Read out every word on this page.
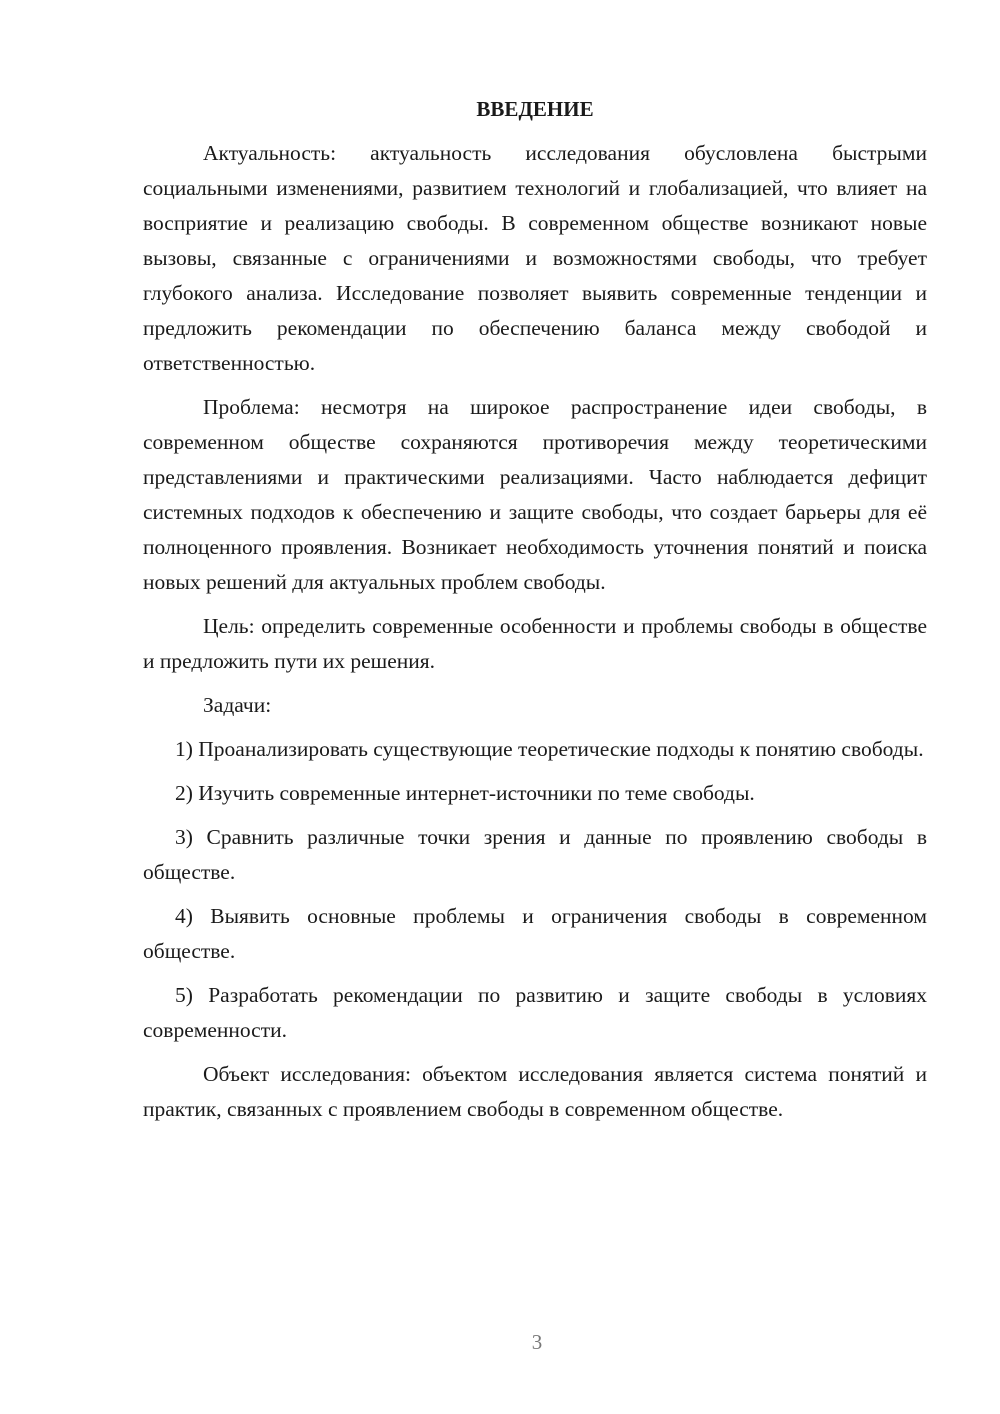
ВВЕДЕНИЕ

Актуальность: актуальность исследования обусловлена быстрыми социальными изменениями, развитием технологий и глобализацией, что влияет на восприятие и реализацию свободы. В современном обществе возникают новые вызовы, связанные с ограничениями и возможностями свободы, что требует глубокого анализа. Исследование позволяет выявить современные тенденции и предложить рекомендации по обеспечению баланса между свободой и ответственностью.

Проблема: несмотря на широкое распространение идеи свободы, в современном обществе сохраняются противоречия между теоретическими представлениями и практическими реализациями. Часто наблюдается дефицит системных подходов к обеспечению и защите свободы, что создает барьеры для её полноценного проявления. Возникает необходимость уточнения понятий и поиска новых решений для актуальных проблем свободы.

Цель: определить современные особенности и проблемы свободы в обществе и предложить пути их решения.

Задачи:

1) Проанализировать существующие теоретические подходы к понятию свободы.

2) Изучить современные интернет-источники по теме свободы.

3) Сравнить различные точки зрения и данные по проявлению свободы в обществе.

4) Выявить основные проблемы и ограничения свободы в современном обществе.

5) Разработать рекомендации по развитию и защите свободы в условиях современности.

Объект исследования: объектом исследования является система понятий и практик, связанных с проявлением свободы в современном обществе.

3
